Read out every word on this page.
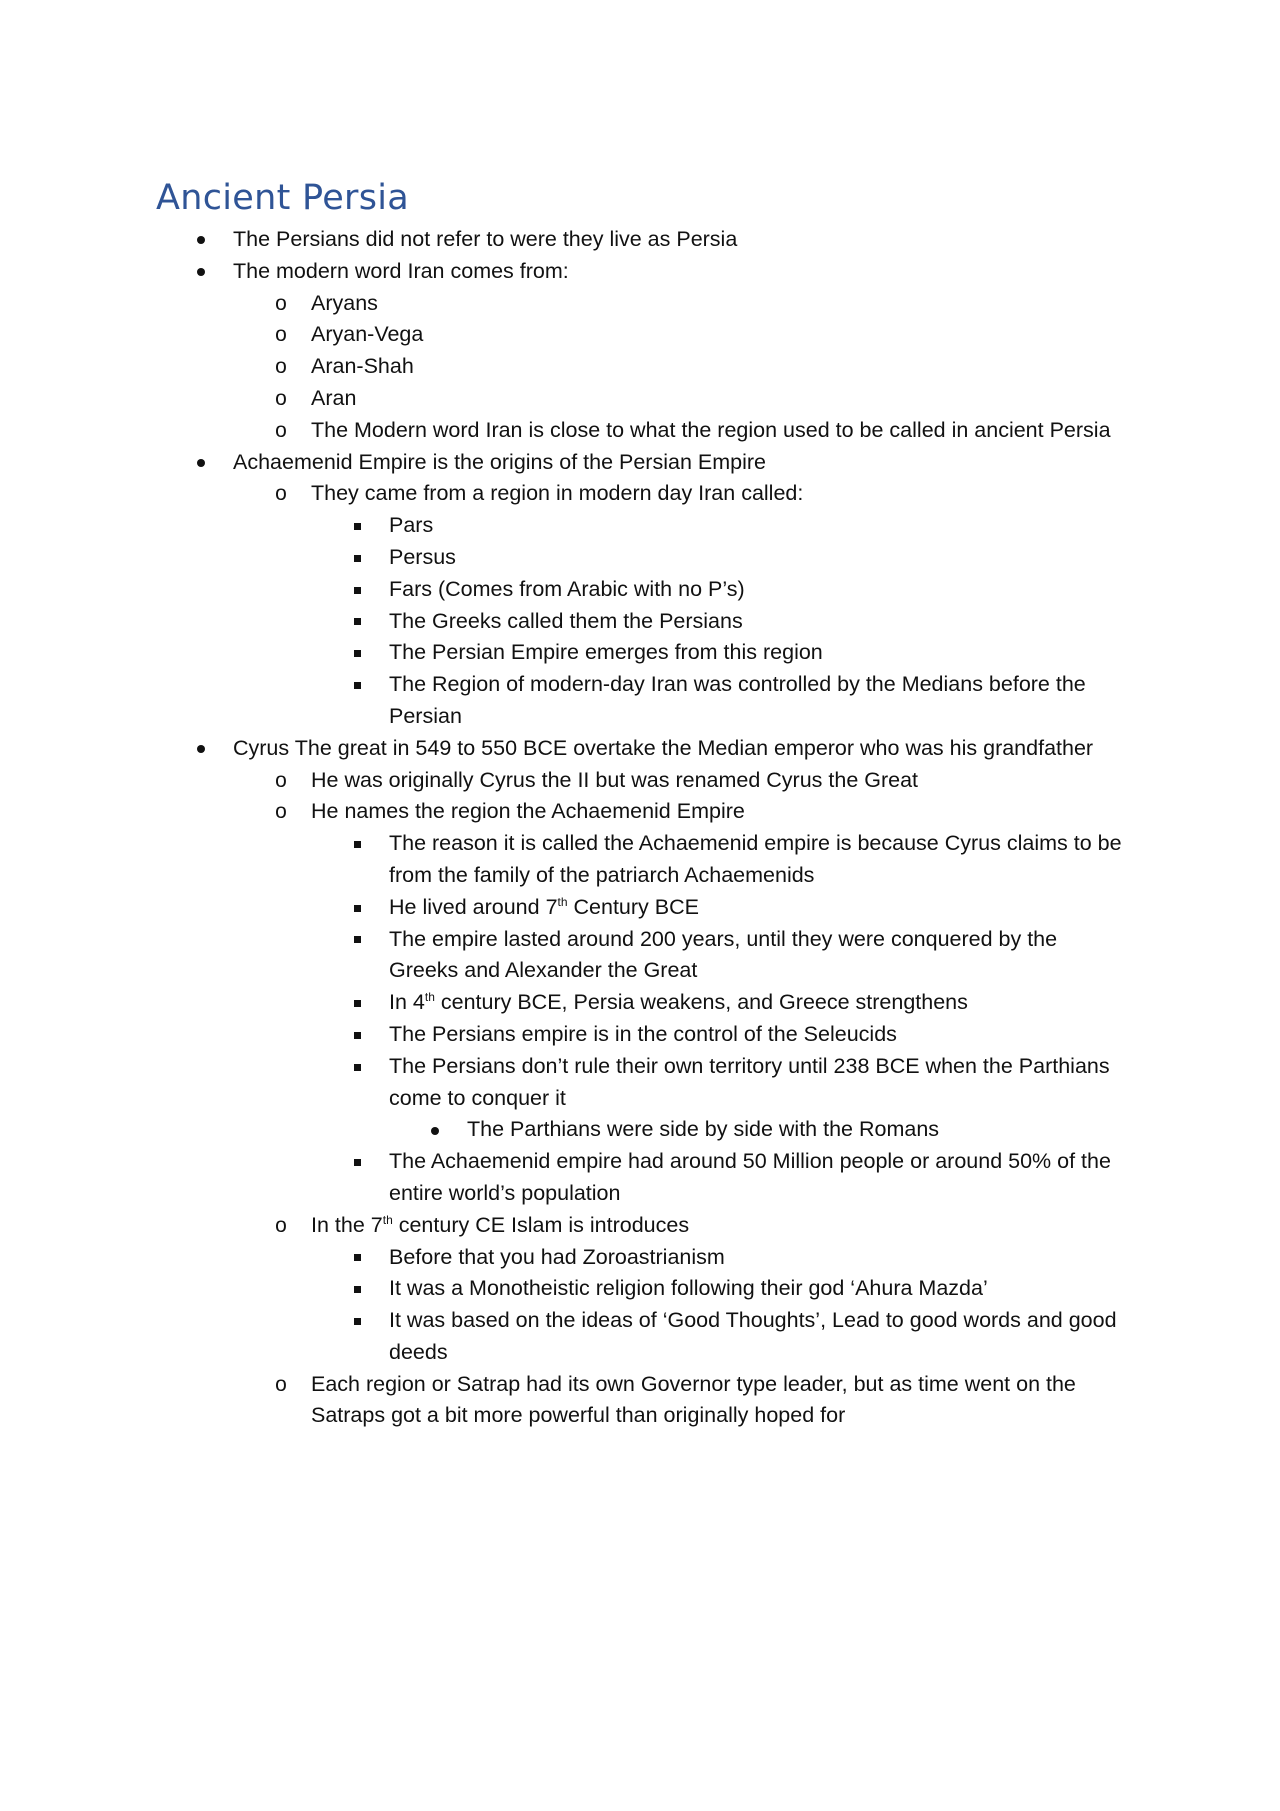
Ancient Persia
The Persians did not refer to were they live as Persia
The modern word Iran comes from:
o Aryans
o Aryan-Vega
o Aran-Shah
o Aran
o The Modern word Iran is close to what the region used to be called in ancient Persia
Achaemenid Empire is the origins of the Persian Empire
o They came from a region in modern day Iran called:
Pars
Persus
Fars (Comes from Arabic with no P’s)
The Greeks called them the Persians
The Persian Empire emerges from this region
The Region of modern-day Iran was controlled by the Medians before the
Persian
Cyrus The great in 549 to 550 BCE overtake the Median emperor who was his grandfather
o He was originally Cyrus the II but was renamed Cyrus the Great
o He names the region the Achaemenid Empire
The reason it is called the Achaemenid empire is because Cyrus claims to be
from the family of the patriarch Achaemenids
He lived around 7th Century BCE
The empire lasted around 200 years, until they were conquered by the
Greeks and Alexander the Great
In 4th century BCE, Persia weakens, and Greece strengthens
The Persians empire is in the control of the Seleucids
The Persians don’t rule their own territory until 238 BCE when the Parthians
come to conquer it
The Parthians were side by side with the Romans
The Achaemenid empire had around 50 Million people or around 50% of the
entire world’s population
o In the 7th century CE Islam is introduces
Before that you had Zoroastrianism
It was a Monotheistic religion following their god ‘Ahura Mazda’
It was based on the ideas of ‘Good Thoughts’, Lead to good words and good
deeds
o Each region or Satrap had its own Governor type leader, but as time went on the
Satraps got a bit more powerful than originally hoped for
